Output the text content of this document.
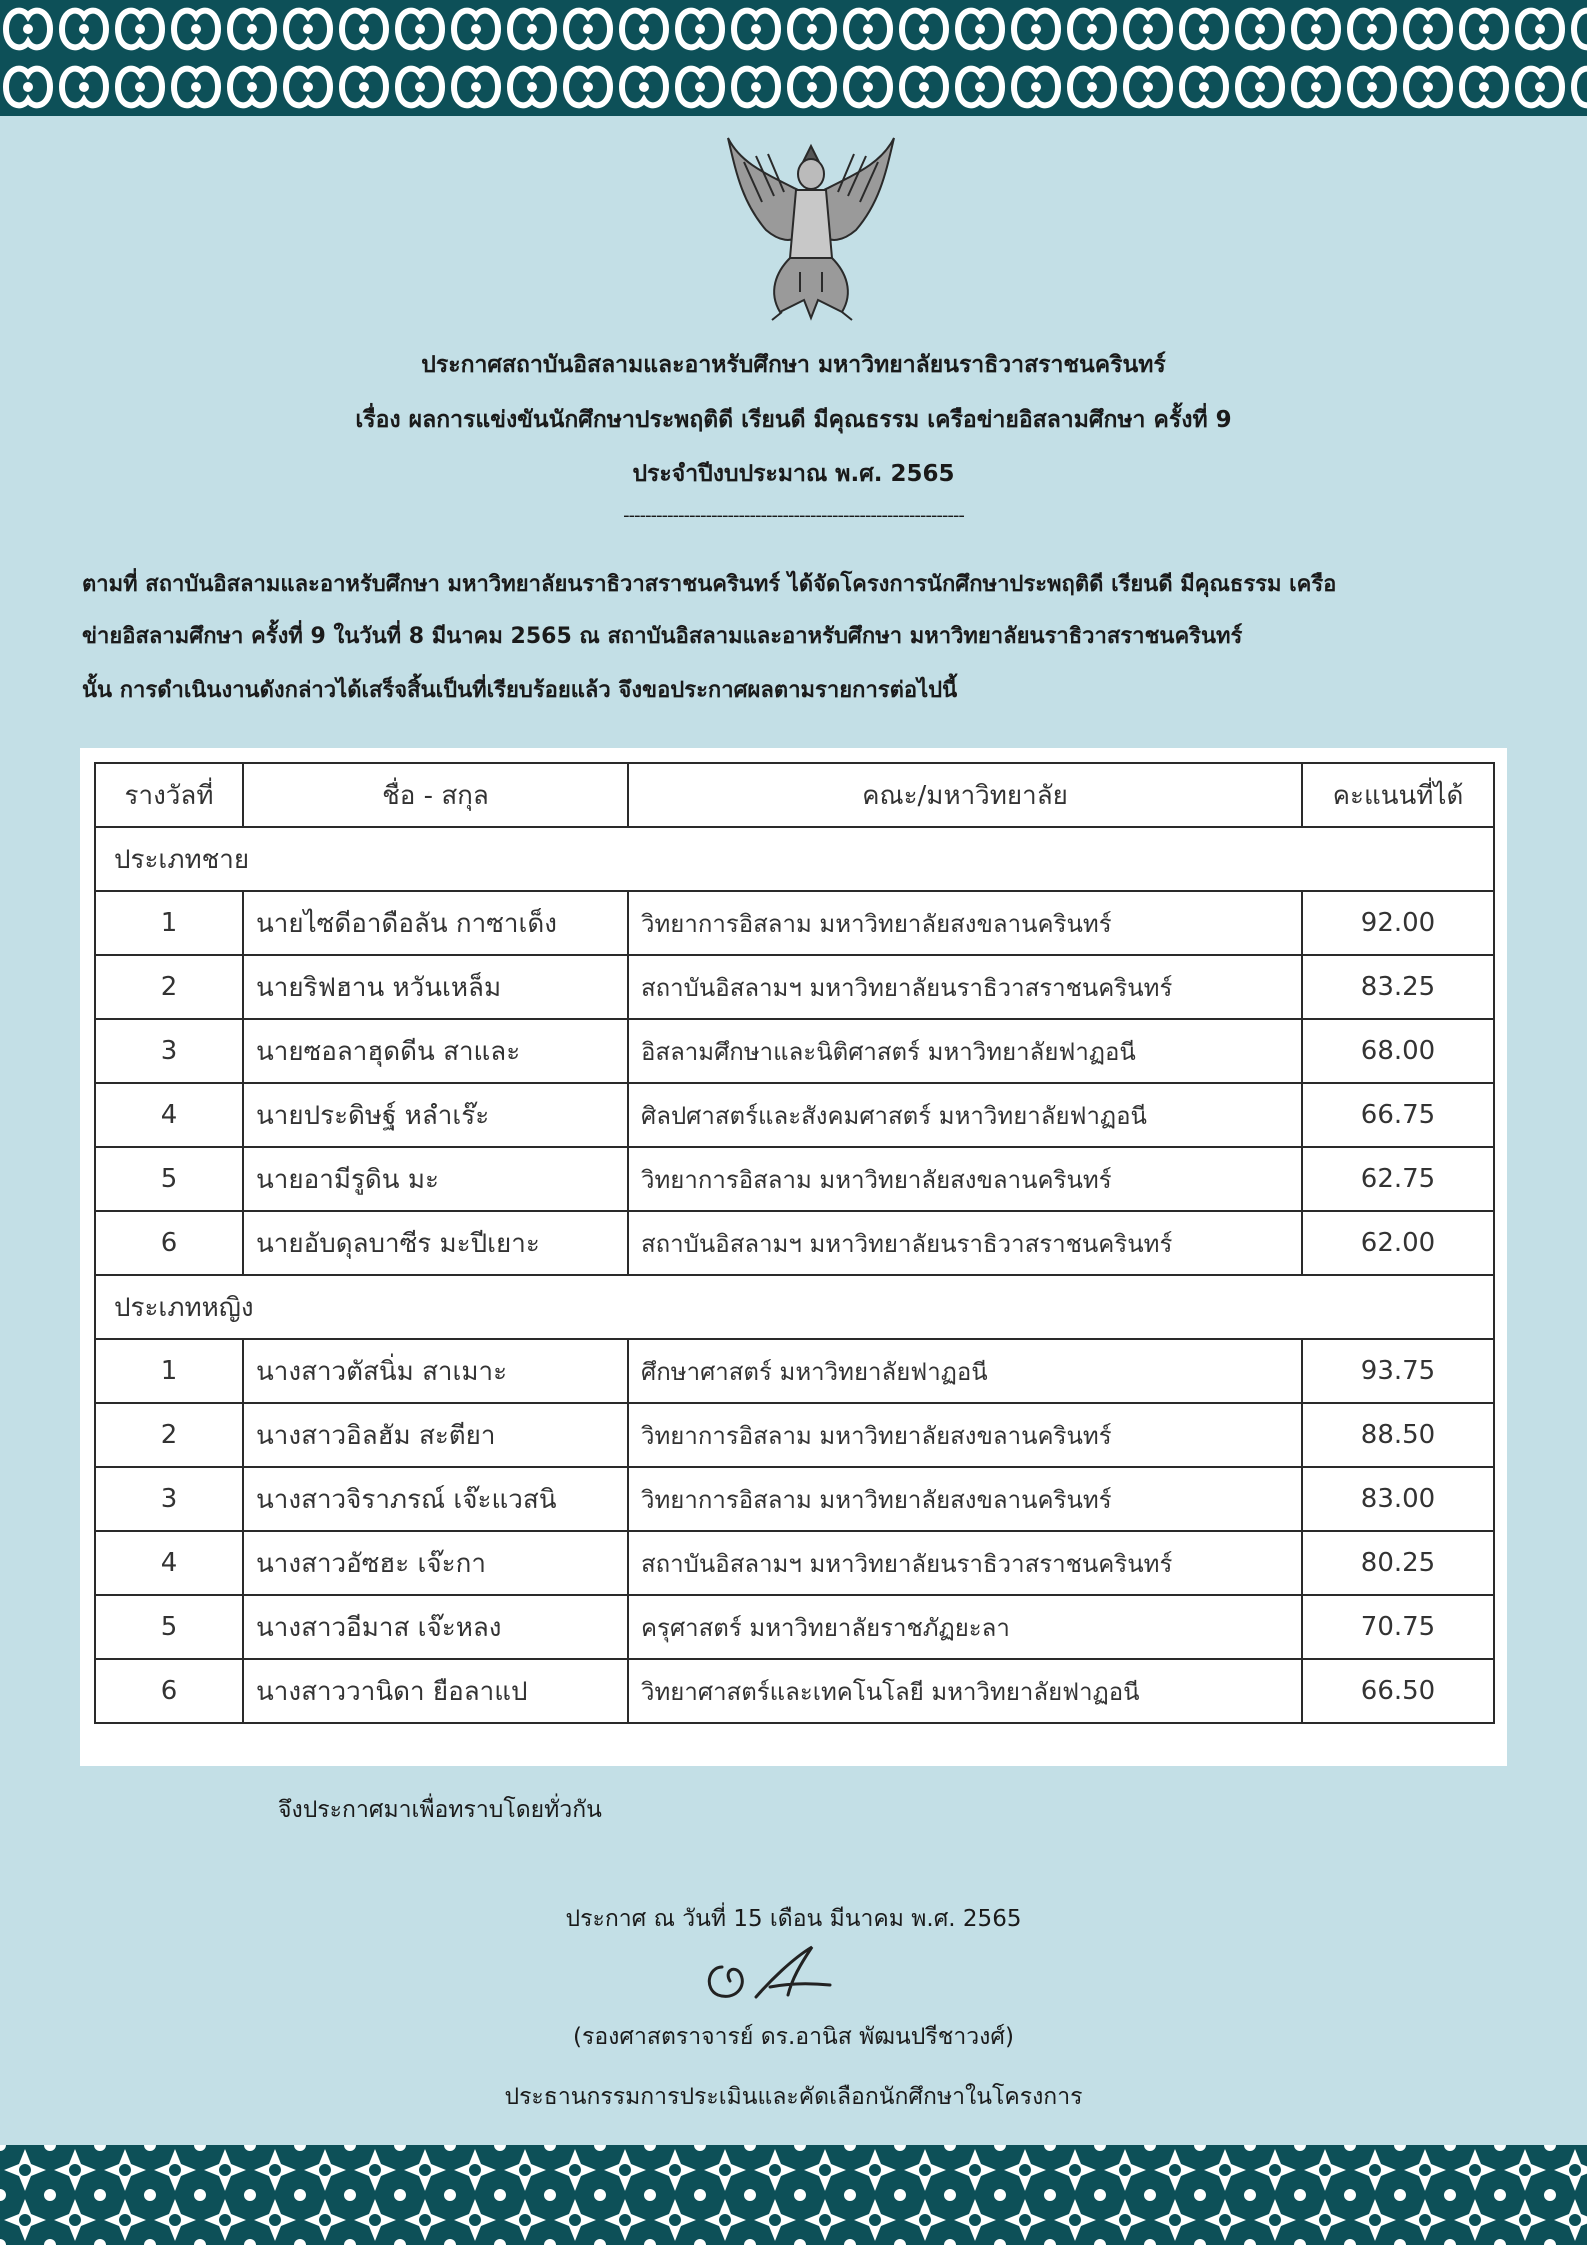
ประกาศสถาบันอิสลามและอาหรับศึกษา มหาวิทยาลัยนราธิวาสราชนครินทร์
เรื่อง ผลการแข่งขันนักศึกษาประพฤติดี เรียนดี มีคุณธรรม เครือข่ายอิสลามศึกษา ครั้งที่ 9
ประจำปีงบประมาณ พ.ศ. 2565
--------------------------------------------------------------
ตามที่ สถาบันอิสลามและอาหรับศึกษา มหาวิทยาลัยนราธิวาสราชนครินทร์ ได้จัดโครงการนักศึกษาประพฤติดี เรียนดี มีคุณธรรม เครือ
ข่ายอิสลามศึกษา ครั้งที่ 9 ในวันที่ 8 มีนาคม 2565 ณ สถาบันอิสลามและอาหรับศึกษา มหาวิทยาลัยนราธิวาสราชนครินทร์
นั้น การดำเนินงานดังกล่าวได้เสร็จสิ้นเป็นที่เรียบร้อยแล้ว จึงขอประกาศผลตามรายการต่อไปนี้
รางวัลที่	ชื่อ - สกุล	คณะ/มหาวิทยาลัย	คะแนนที่ได้
ประเภทชาย			
1	นายไซดีอาดือลัน กาซาเด็ง	วิทยาการอิสลาม มหาวิทยาลัยสงขลานครินทร์	92.00
2	นายริฟฮาน หวันเหล็ม	สถาบันอิสลามฯ มหาวิทยาลัยนราธิวาสราชนครินทร์	83.25
3	นายซอลาฮุดดีน สาและ	อิสลามศึกษาและนิติศาสตร์ มหาวิทยาลัยฟาฏอนี	68.00
4	นายประดิษฐ์ หลำเร๊ะ	ศิลปศาสตร์และสังคมศาสตร์ มหาวิทยาลัยฟาฏอนี	66.75
5	นายอามีรูดิน มะ	วิทยาการอิสลาม มหาวิทยาลัยสงขลานครินทร์	62.75
6	นายอับดุลบาซีร มะปีเยาะ	สถาบันอิสลามฯ มหาวิทยาลัยนราธิวาสราชนครินทร์	62.00
ประเภทหญิง			
1	นางสาวตัสนิ่ม สาเมาะ	ศึกษาศาสตร์ มหาวิทยาลัยฟาฏอนี	93.75
2	นางสาวอิลฮัม สะตียา	วิทยาการอิสลาม มหาวิทยาลัยสงขลานครินทร์	88.50
3	นางสาวจิราภรณ์ เจ๊ะแวสนิ	วิทยาการอิสลาม มหาวิทยาลัยสงขลานครินทร์	83.00
4	นางสาวอัซฮะ เจ๊ะกา	สถาบันอิสลามฯ มหาวิทยาลัยนราธิวาสราชนครินทร์	80.25
5	นางสาวอีมาส เจ๊ะหลง	ครุศาสตร์ มหาวิทยาลัยราชภัฏยะลา	70.75
6	นางสาววานิดา ยือลาแป	วิทยาศาสตร์และเทคโนโลยี มหาวิทยาลัยฟาฏอนี	66.50
จึงประกาศมาเพื่อทราบโดยทั่วกัน
ประกาศ ณ วันที่ 15 เดือน มีนาคม พ.ศ. 2565
(รองศาสตราจารย์ ดร.อานิส พัฒนปรีชาวงศ์)
ประธานกรรมการประเมินและคัดเลือกนักศึกษาในโครงการ
